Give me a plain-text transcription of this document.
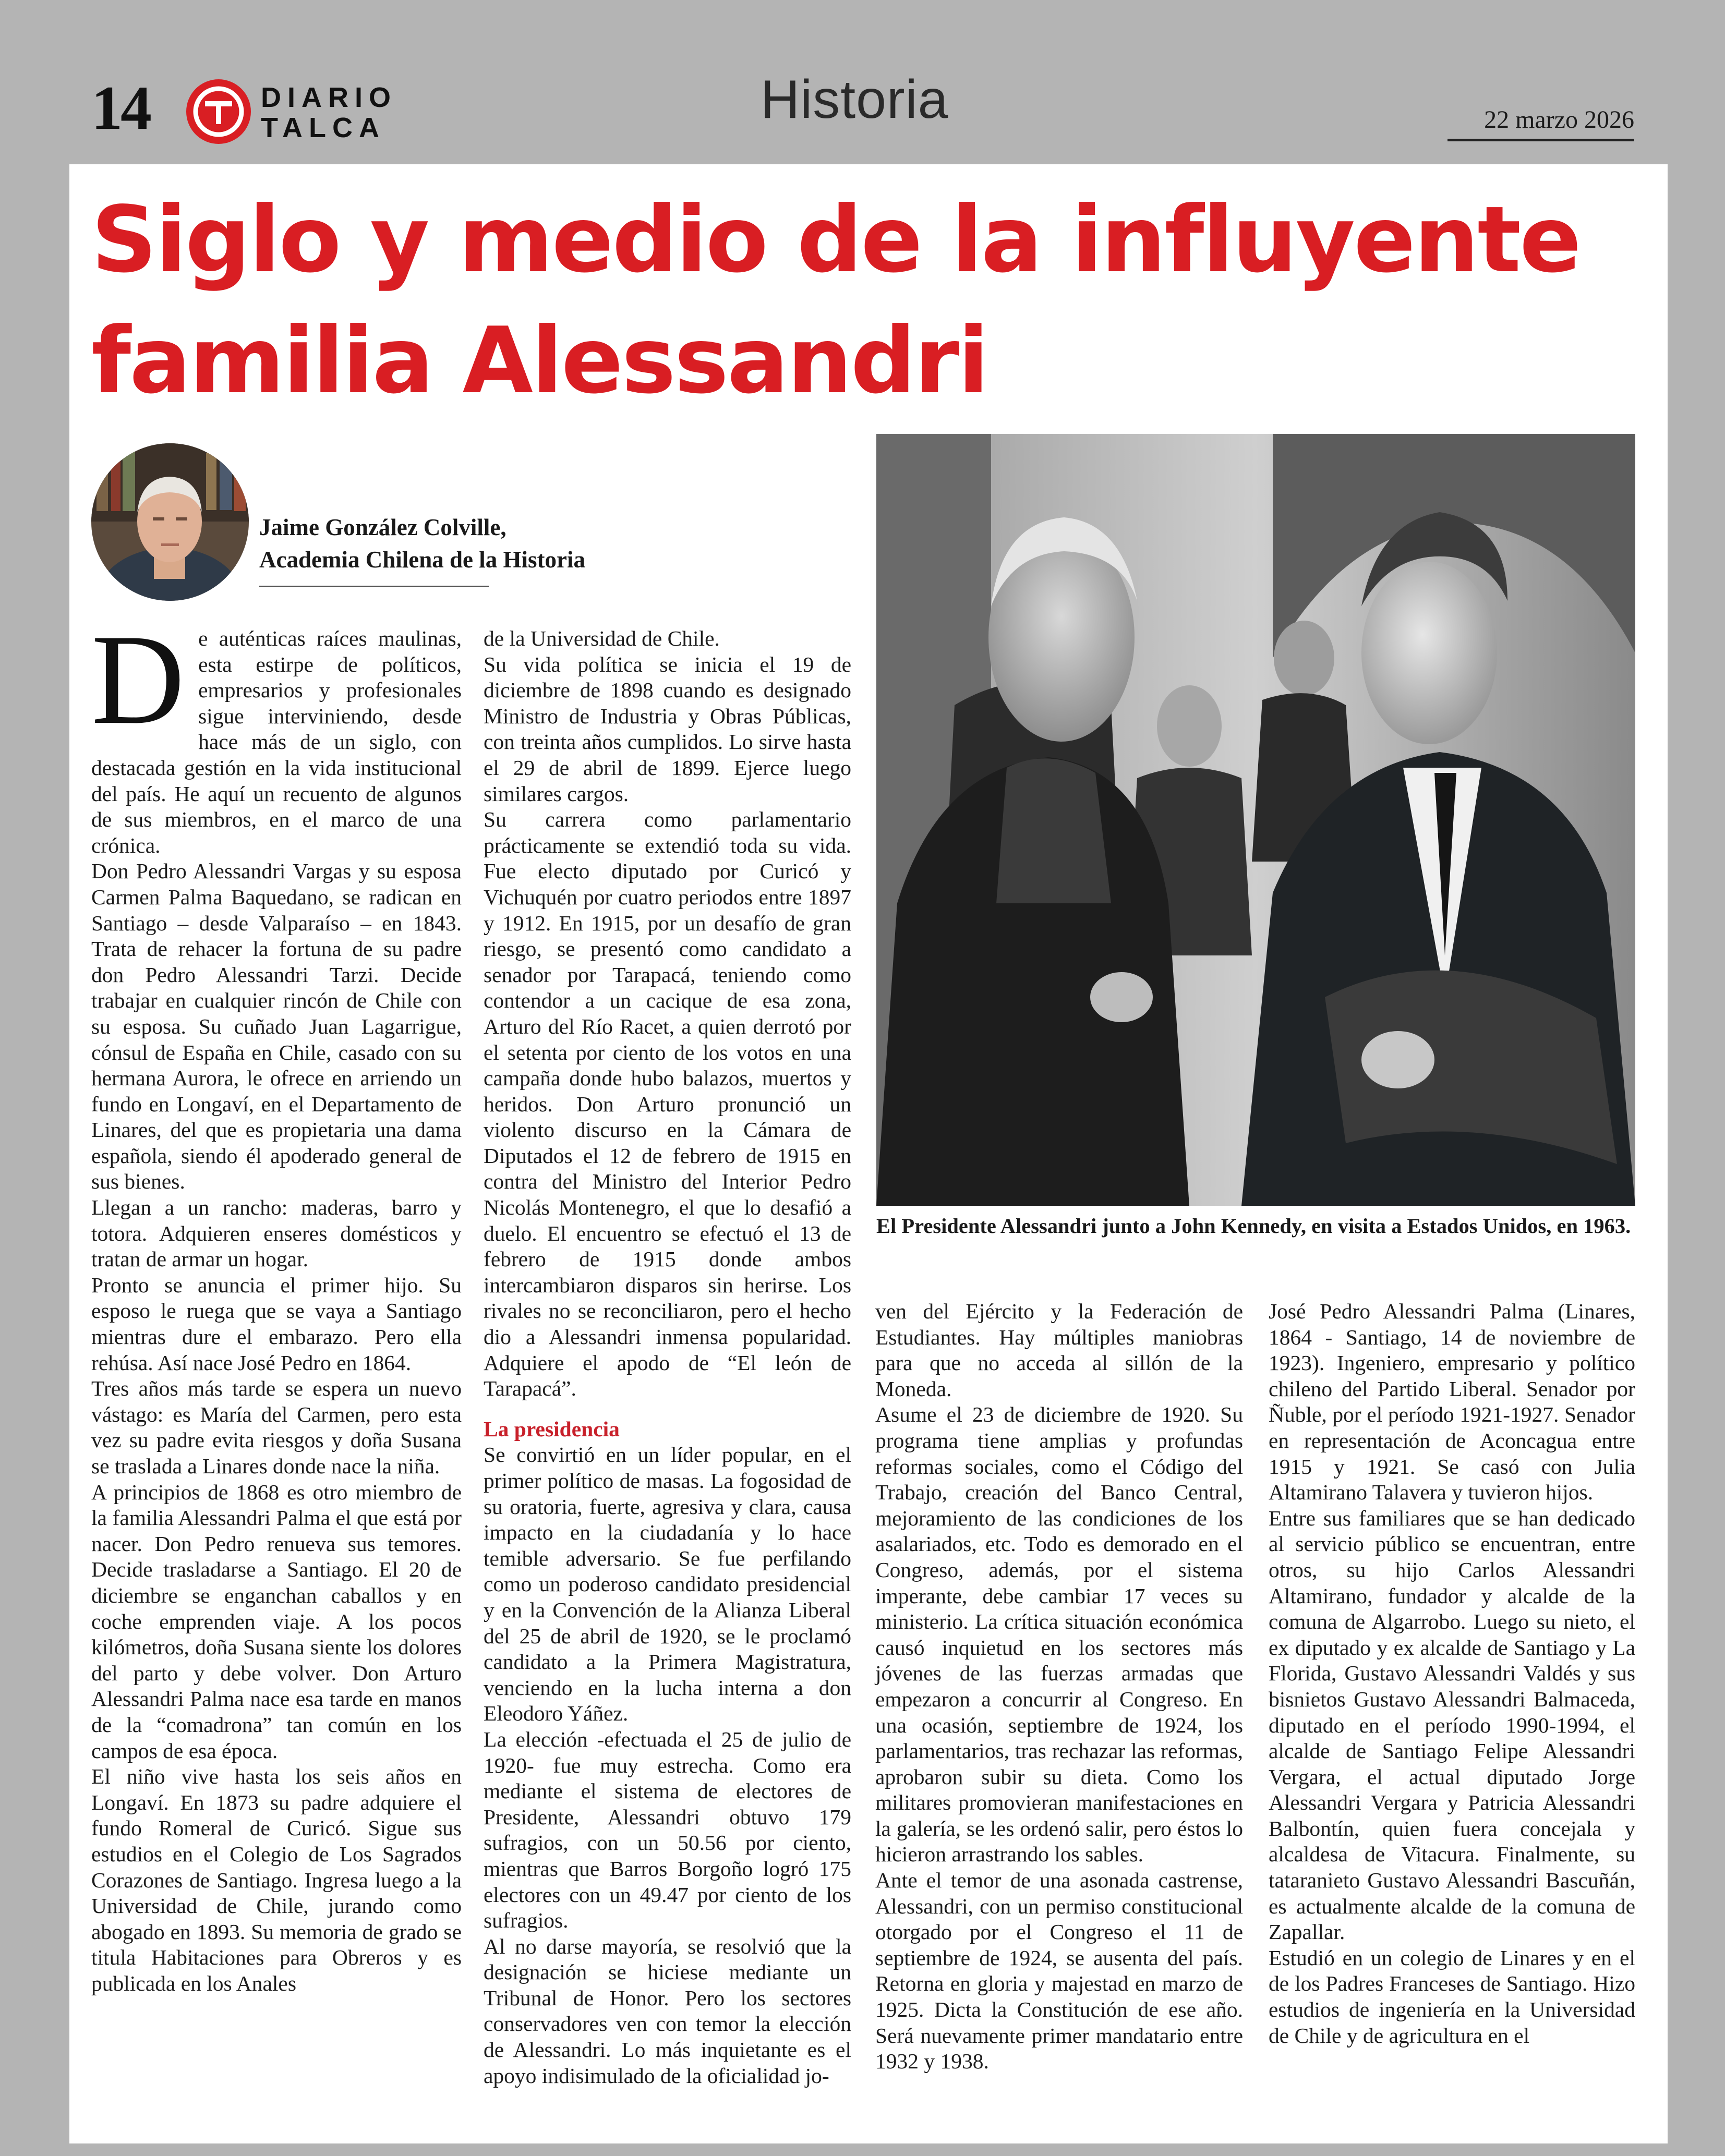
14	DIARIO
TALCA	Historia	22 marzo 2026
Siglo y medio de la influyente familia Alessandri
Jaime González Colville,
Academia Chilena de la Historia
D e auténticas raíces maulinas, esta estirpe de políticos, empresarios y profesionales sigue interviniendo, desde hace más de un siglo, con destacada gestión en la vida institucional del país. He aquí un recuento de algunos de sus miembros, en el marco de una crónica.

Don Pedro Alessandri Vargas y su esposa Carmen Palma Baquedano, se radican en Santiago – desde Valparaíso – en 1843. Trata de rehacer la fortuna de su padre don Pedro Alessandri Tarzi. Decide trabajar en cualquier rincón de Chile con su esposa. Su cuñado Juan Lagarrigue, cónsul de España en Chile, casado con su hermana Aurora, le ofrece en arriendo un fundo en Longaví, en el Departamento de Linares, del que es propietaria una dama española, siendo él apoderado general de sus bienes.

Llegan a un rancho: maderas, barro y totora. Adquieren enseres domésticos y tratan de armar un hogar.

Pronto se anuncia el primer hijo. Su esposo le ruega que se vaya a Santiago mientras dure el embarazo. Pero ella rehúsa. Así nace José Pedro en 1864.

Tres años más tarde se espera un nuevo vástago: es María del Carmen, pero esta vez su padre evita riesgos y doña Susana se traslada a Linares donde nace la niña.

A principios de 1868 es otro miembro de la familia Alessandri Palma el que está por nacer. Don Pedro renueva sus temores. Decide trasladarse a Santiago. El 20 de diciembre se enganchan caballos y en coche emprenden viaje. A los pocos kilómetros, doña Susana siente los dolores del parto y debe volver. Don Arturo Alessandri Palma nace esa tarde en manos de la “comadrona” tan común en los campos de esa época.

El niño vive hasta los seis años en Longaví. En 1873 su padre adquiere el fundo Romeral de Curicó. Sigue sus estudios en el Colegio de Los Sagrados Corazones de Santiago. Ingresa luego a la Universidad de Chile, jurando como abogado en 1893. Su memoria de grado se titula Habitaciones para Obreros y es publicada en los Anales

de la Universidad de Chile.

Su vida política se inicia el 19 de diciembre de 1898 cuando es designado Ministro de Industria y Obras Públicas, con treinta años cumplidos. Lo sirve hasta el 29 de abril de 1899. Ejerce luego similares cargos.

Su carrera como parlamentario prácticamente se extendió toda su vida. Fue electo diputado por Curicó y Vichuquén por cuatro periodos entre 1897 y 1912. En 1915, por un desafío de gran riesgo, se presentó como candidato a senador por Tarapacá, teniendo como contendor a un cacique de esa zona, Arturo del Río Racet, a quien derrotó por el setenta por ciento de los votos en una campaña donde hubo balazos, muertos y heridos. Don Arturo pronunció un violento discurso en la Cámara de Diputados el 12 de febrero de 1915 en contra del Ministro del Interior Pedro Nicolás Montenegro, el que lo desafió a duelo. El encuentro se efectuó el 13 de febrero de 1915 donde ambos intercambiaron disparos sin herirse. Los rivales no se reconciliaron, pero el hecho dio a Alessandri inmensa popularidad. Adquiere el apodo de “El león de Tarapacá”.

La presidencia

Se convirtió en un líder popular, en el primer político de masas. La fogosidad de su oratoria, fuerte, agresiva y clara, causa impacto en la ciudadanía y lo hace temible adversario. Se fue perfilando como un poderoso candidato presidencial y en la Convención de la Alianza Liberal del 25 de abril de 1920, se le proclamó candidato a la Primera Magistratura, venciendo en la lucha interna a don Eleodoro Yáñez.

La elección -efectuada el 25 de julio de 1920- fue muy estrecha. Como era mediante el sistema de electores de Presidente, Alessandri obtuvo 179 sufragios, con un 50.56 por ciento, mientras que Barros Borgoño logró 175 electores con un 49.47 por ciento de los sufragios.

Al no darse mayoría, se resolvió que la designación se hiciese mediante un Tribunal de Honor. Pero los sectores conservadores ven con temor la elección de Alessandri. Lo más inquietante es el apoyo indisimulado de la oficialidad jo-

El Presidente Alessandri junto a John Kennedy, en visita a Estados Unidos, en 1963.

ven del Ejército y la Federación de Estudiantes. Hay múltiples maniobras para que no acceda al sillón de la Moneda.

Asume el 23 de diciembre de 1920. Su programa tiene amplias y profundas reformas sociales, como el Código del Trabajo, creación del Banco Central, mejoramiento de las condiciones de los asalariados, etc. Todo es demorado en el Congreso, además, por el sistema imperante, debe cambiar 17 veces su ministerio. La crítica situación económica causó inquietud en los sectores más jóvenes de las fuerzas armadas que empezaron a concurrir al Congreso. En una ocasión, septiembre de 1924, los parlamentarios, tras rechazar las reformas, aprobaron subir su dieta. Como los militares promovieran manifestaciones en la galería, se les ordenó salir, pero éstos lo hicieron arrastrando los sables.

Ante el temor de una asonada castrense, Alessandri, con un permiso constitucional otorgado por el Congreso el 11 de septiembre de 1924, se ausenta del país. Retorna en gloria y majestad en marzo de 1925. Dicta la Constitución de ese año. Será nuevamente primer mandatario entre 1932 y 1938.

José Pedro Alessandri Palma (Linares, 1864 - Santiago, 14 de noviembre de 1923). Ingeniero, empresario y político chileno del Partido Liberal. Senador por Ñuble, por el período 1921-1927. Senador en representación de Aconcagua entre 1915 y 1921. Se casó con Julia Altamirano Talavera y tuvieron hijos.

Entre sus familiares que se han dedicado al servicio público se encuentran, entre otros, su hijo Carlos Alessandri Altamirano, fundador y alcalde de la comuna de Algarrobo. Luego su nieto, el ex diputado y ex alcalde de Santiago y La Florida, Gustavo Alessandri Valdés y sus bisnietos Gustavo Alessandri Balmaceda, diputado en el período 1990-1994, el alcalde de Santiago Felipe Alessandri Vergara, el actual diputado Jorge Alessandri Vergara y Patricia Alessandri Balbontín, quien fuera concejala y alcaldesa de Vitacura. Finalmente, su tataranieto Gustavo Alessandri Bascuñán, es actualmente alcalde de la comuna de Zapallar.

Estudió en un colegio de Linares y en el de los Padres Franceses de Santiago. Hizo estudios de ingeniería en la Universidad de Chile y de agricultura en el
